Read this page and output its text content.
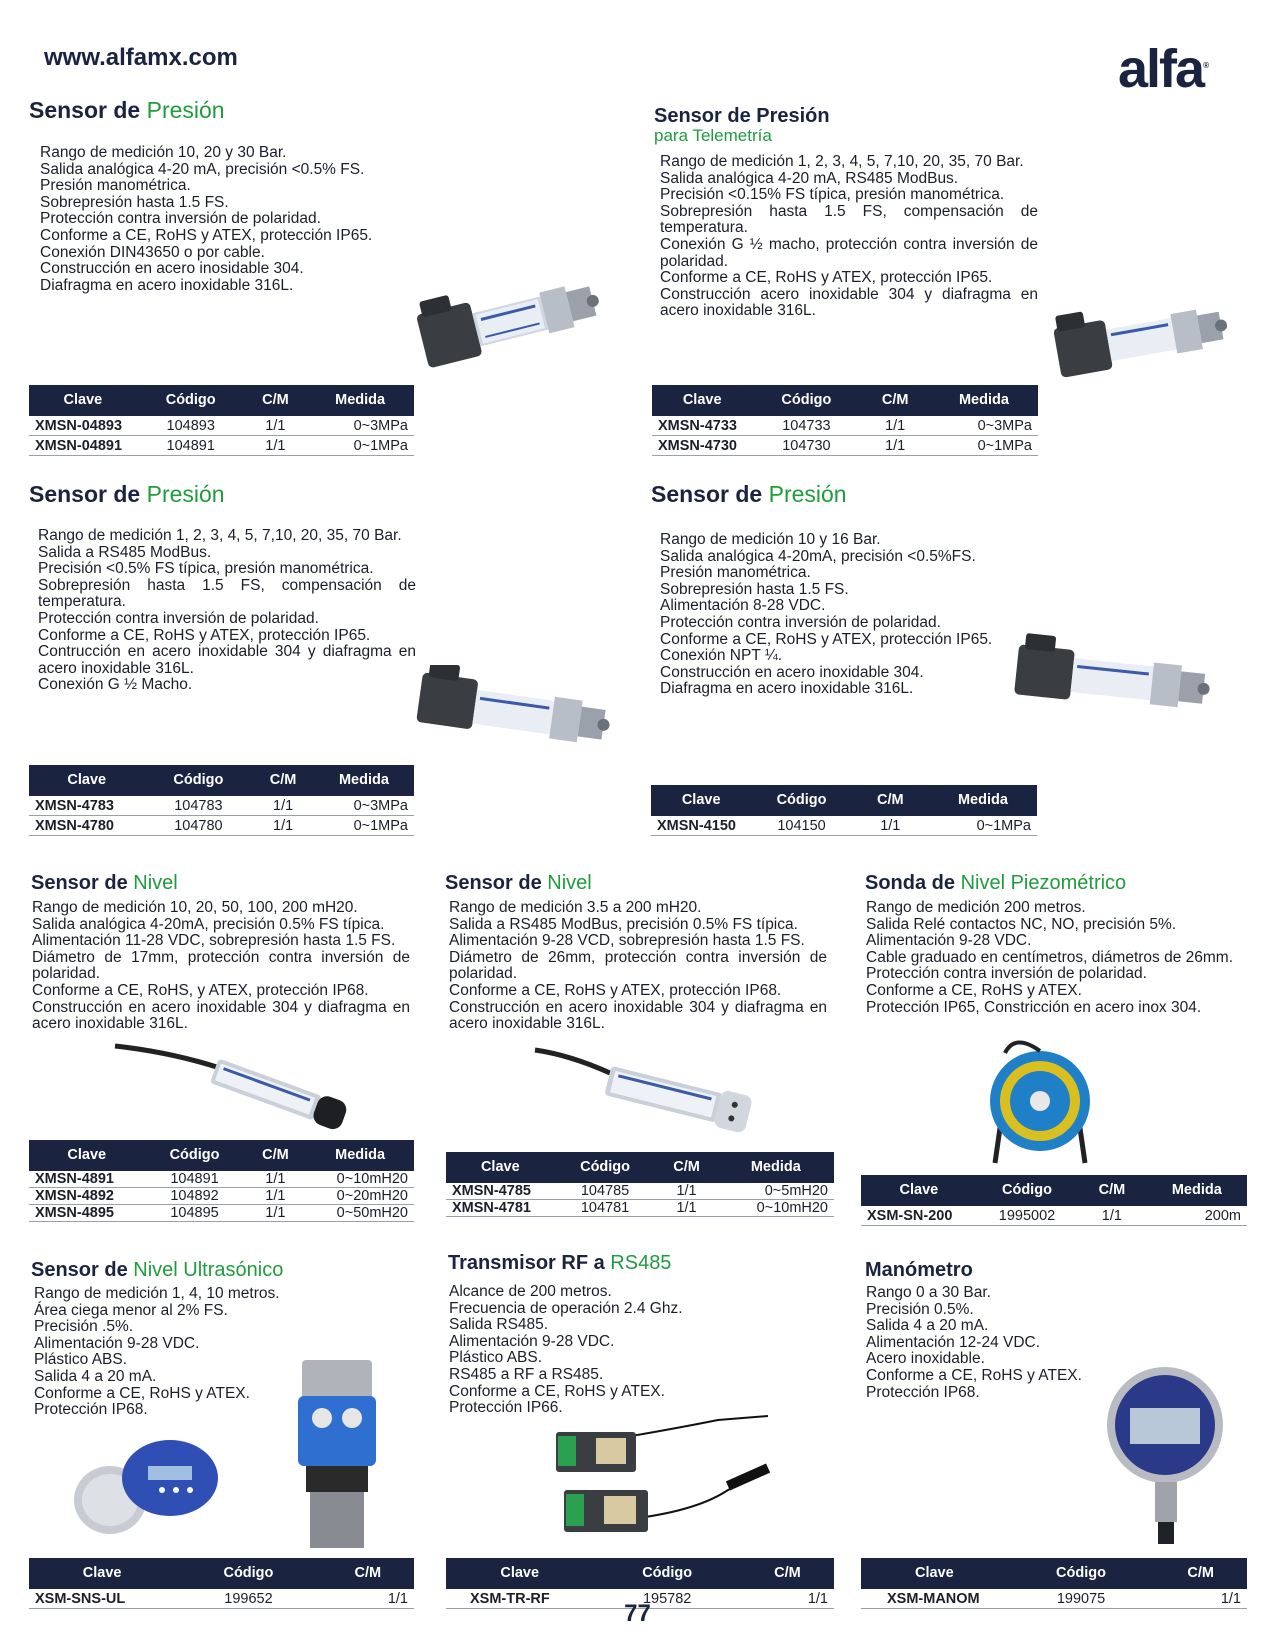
www.alfamx.com	alfa®
Sensor de Presión
Rango de medición 10, 20 y 30 Bar.
Salida analógica 4-20 mA, precisión <0.5% FS.
Presión manométrica.
Sobrepresión hasta 1.5 FS.
Protección contra inversión de polaridad.
Conforme a CE, RoHS y ATEX, protección IP65.
Conexión DIN43650 o por cable.
Construcción en acero inosidable 304.
Diafragma en acero inoxidable 316L.
Clave	Código	C/M	Medida
XMSN-04893	104893	1/1	0~3MPa
XMSN-04891	104891	1/1	0~1MPa
Sensor de Presión
para Telemetría
Rango de medición 1, 2, 3, 4, 5, 7,10, 20, 35, 70 Bar.
Salida analógica 4-20 mA, RS485 ModBus.
Precisión <0.15% FS típica, presión manométrica.
Sobrepresión hasta 1.5 FS, compensación de temperatura.
Conexión G ½ macho, protección contra inversión de polaridad.
Conforme a CE, RoHS y ATEX, protección IP65.
Construcción acero inoxidable 304 y diafragma en acero inoxidable 316L.
Clave	Código	C/M	Medida
XMSN-4733	104733	1/1	0~3MPa
XMSN-4730	104730	1/1	0~1MPa
Sensor de Presión
Rango de medición 1, 2, 3, 4, 5, 7,10, 20, 35, 70 Bar.
Salida a RS485 ModBus.
Precisión <0.5% FS típica, presión manométrica.
Sobrepresión hasta 1.5 FS, compensación de temperatura.
Protección contra inversión de polaridad.
Conforme a CE, RoHS y ATEX, protección IP65.
Contrucción en acero inoxidable 304 y diafragma en acero inoxidable 316L.
Conexión G ½ Macho.
Clave	Código	C/M	Medida
XMSN-4783	104783	1/1	0~3MPa
XMSN-4780	104780	1/1	0~1MPa
Sensor de Presión
Rango de medición 10 y 16 Bar.
Salida analógica 4-20mA, precisión <0.5%FS.
Presión manométrica.
Sobrepresión hasta 1.5 FS.
Alimentación 8-28 VDC.
Protección contra inversión de polaridad.
Conforme a CE, RoHS y ATEX, protección IP65.
Conexión NPT ¼.
Construcción en acero inoxidable 304.
Diafragma en acero inoxidable 316L.
Clave	Código	C/M	Medida
XMSN-4150	104150	1/1	0~1MPa
Sensor de Nivel
Rango de medición 10, 20, 50, 100, 200 mH20.
Salida analógica 4-20mA, precisión 0.5% FS típica.
Alimentación 11-28 VDC, sobrepresión hasta 1.5 FS.
Diámetro de 17mm, protección contra inversión de polaridad.
Conforme a CE, RoHS, y ATEX, protección IP68.
Construcción en acero inoxidable 304 y diafragma en acero inoxidable 316L.
Clave	Código	C/M	Medida
XMSN-4891	104891	1/1	0~10mH20
XMSN-4892	104892	1/1	0~20mH20
XMSN-4895	104895	1/1	0~50mH20
Sensor de Nivel
Rango de medición 3.5 a 200 mH20.
Salida a RS485 ModBus, precisión 0.5% FS típica.
Alimentación 9-28 VCD, sobrepresión hasta 1.5 FS.
Diámetro de 26mm, protección contra inversión de polaridad.
Conforme a CE, RoHS y ATEX, protección IP68.
Construcción en acero inoxidable 304 y diafragma en acero inoxidable 316L.
Clave	Código	C/M	Medida
XMSN-4785	104785	1/1	0~5mH20
XMSN-4781	104781	1/1	0~10mH20
Sonda de Nivel Piezométrico
Rango de medición 200 metros.
Salida Relé contactos NC, NO, precisión 5%.
Alimentación 9-28 VDC.
Cable graduado en centímetros, diámetros de 26mm.
Protección contra inversión de polaridad.
Conforme a CE, RoHS y ATEX.
Protección IP65, Constricción en acero inox 304.
Clave	Código	C/M	Medida
XSM-SN-200	1995002	1/1	200m
Sensor de Nivel Ultrasónico
Rango de medición 1, 4, 10 metros.
Área ciega menor al 2% FS.
Precisión .5%.
Alimentación 9-28 VDC.
Plástico ABS.
Salida 4 a 20 mA.
Conforme a CE, RoHS y ATEX.
Protección IP68.
Clave	Código	C/M
XSM-SNS-UL	199652	1/1
Transmisor RF a RS485
Alcance de 200 metros.
Frecuencia de operación 2.4 Ghz.
Salida RS485.
Alimentación 9-28 VDC.
Plástico ABS.
RS485 a RF a RS485.
Conforme a CE, RoHS y ATEX.
Protección IP66.
Clave	Código	C/M
XSM-TR-RF	195782	1/1
Manómetro
Rango 0 a 30 Bar.
Precisión 0.5%.
Salida 4 a 20 mA.
Alimentación 12-24 VDC.
Acero inoxidable.
Conforme a CE, RoHS y ATEX.
Protección IP68.
Clave	Código	C/M
XSM-MANOM	199075	1/1
77
